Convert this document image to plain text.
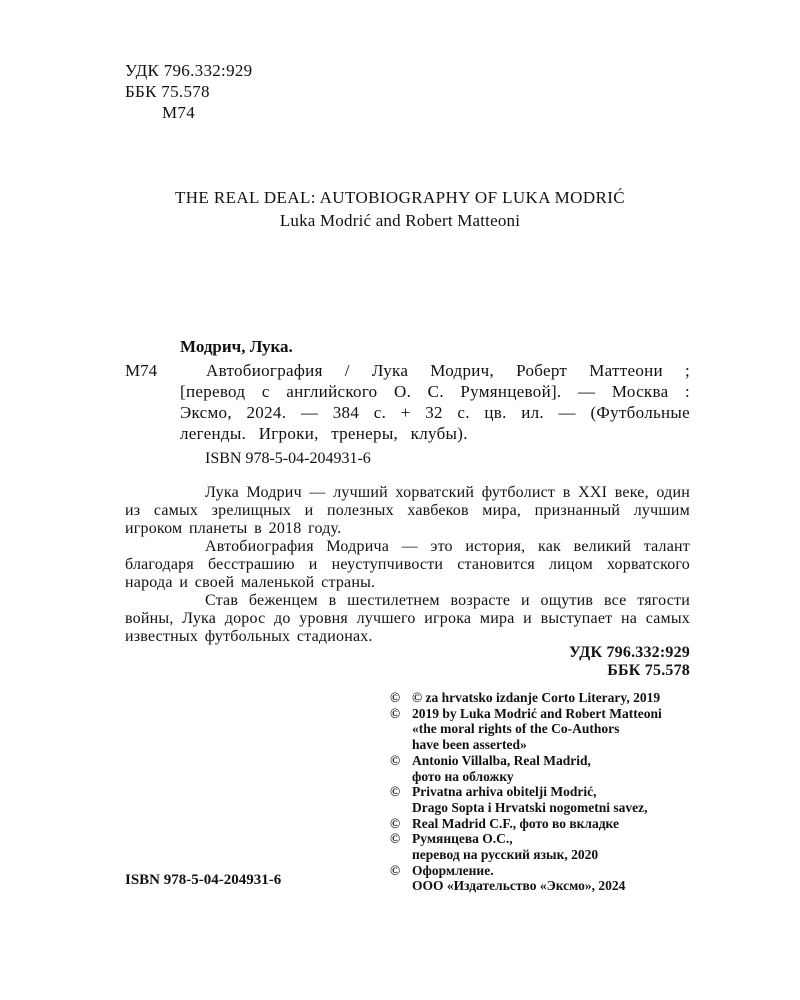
УДК 796.332:929
ББК 75.578
М74
THE REAL DEAL: AUTOBIOGRAPHY OF LUKA MODRIĆ
Luka Modrić and Robert Matteoni
Модрич, Лука.
М74	Автобиография / Лука Модрич, Роберт Маттеони ; [перевод с английского О. С. Румянцевой]. — Москва : Эксмо, 2024. — 384 с. + 32 с. цв. ил. — (Футбольные легенды. Игроки, тренеры, клубы).
ISBN 978-5-04-204931-6

Лука Модрич — лучший хорватский футболист в XXI веке, один из самых зрелищных и полезных хавбеков мира, признанный лучшим игроком планеты в 2018 году.

Автобиография Модрича — это история, как великий талант благодаря бесстрашию и неуступчивости становится лицом хорватского народа и своей маленькой страны.

Став беженцем в шестилетнем возрасте и ощутив все тягости войны, Лука дорос до уровня лучшего игрока мира и выступает на самых известных футбольных стадионах.

УДК 796.332:929
ББК 75.578
© © za hrvatsko izdanje Corto Literary, 2019
© 2019 by Luka Modrić and Robert Matteoni
«the moral rights of the Co-Authors
have been asserted»
© Antonio Villalba, Real Madrid,
фото на обложку
© Privatna arhiva obitelji Modrić,
Drago Sopta i Hrvatski nogometni savez,
© Real Madrid C.F., фото во вкладке
© Румянцева О.С.,
перевод на русский язык, 2020
© Оформление.
ООО «Издательство «Эксмо», 2024
ISBN 978-5-04-204931-6
